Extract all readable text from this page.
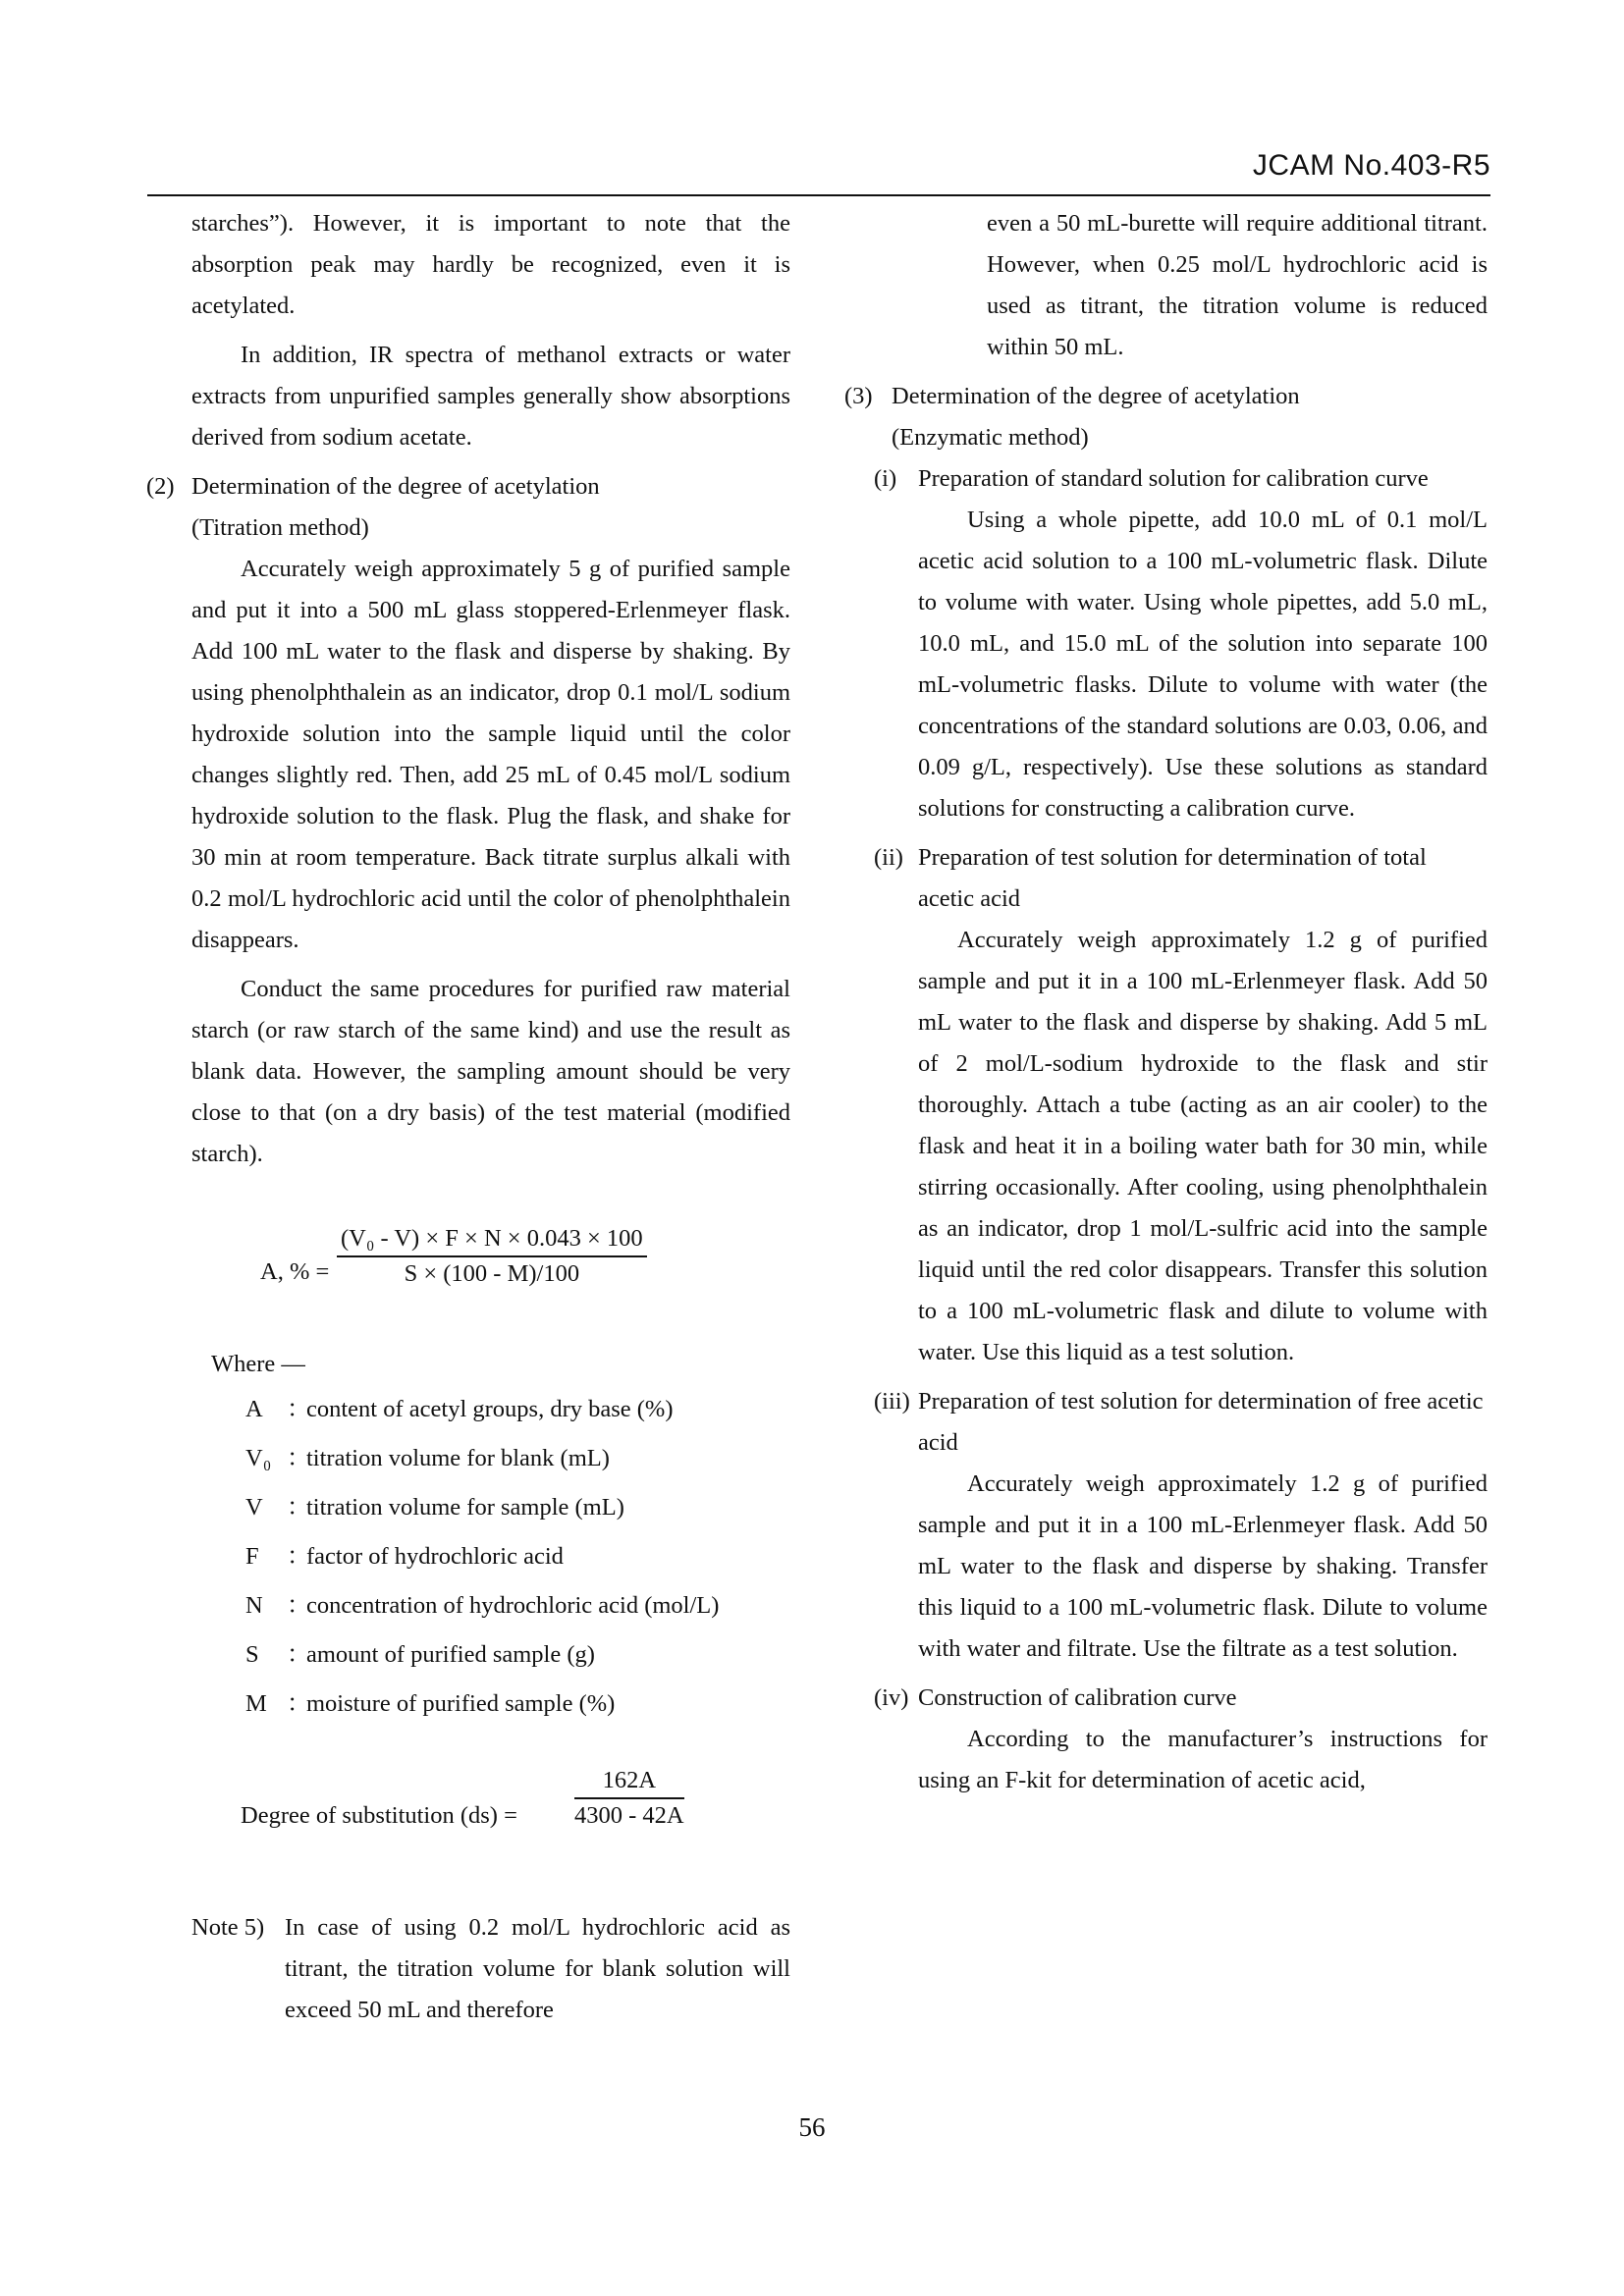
JCAM No.403-R5

starches”). However, it is important to note that the absorption peak may hardly be recognized, even it is acetylated.

In addition, IR spectra of methanol extracts or water extracts from unpurified samples generally show absorptions derived from sodium acetate.

(2) Determination of the degree of acetylation
(Titration method)

Accurately weigh approximately 5 g of purified sample and put it into a 500 mL glass stoppered-Erlenmeyer flask. Add 100 mL water to the flask and disperse by shaking. By using phenolphthalein as an indicator, drop 0.1 mol/L sodium hydroxide solution into the sample liquid until the color changes slightly red. Then, add 25 mL of 0.45 mol/L sodium hydroxide solution to the flask. Plug the flask, and shake for 30 min at room temperature. Back titrate surplus alkali with 0.2 mol/L hydrochloric acid until the color of phenolphthalein disappears.

Conduct the same procedures for purified raw material starch (or raw starch of the same kind) and use the result as blank data. However, the sampling amount should be very close to that (on a dry basis) of the test material (modified starch).

A, % =
(V₀ - V) × F × N × 0.043 × 100
S × (100 - M)/100
Where —
A ：
content of acetyl groups, dry base (%)
V₀ ：
titration volume for blank (mL)
V ：
titration volume for sample (mL)
F	：
factor of hydrochloric acid
N ：
concentration of hydrochloric acid (mol/L)
S	：
amount of purified sample (g)
M ：
moisture of purified sample (%)
Degree of substitution (ds) =
162A
4300 - 42A
Note 5) In case of using 0.2 mol/L hydrochloric acid as titrant, the titration volume for blank solution will exceed 50 mL and therefore

even a 50 mL-burette will require additional titrant. However, when 0.25 mol/L hydrochloric acid is used as titrant, the titration volume is reduced within 50 mL.

(3) Determination of the degree of acetylation
(Enzymatic method)
(i) Preparation of standard solution for calibration curve

Using a whole pipette, add 10.0 mL of 0.1 mol/L acetic acid solution to a 100 mL-volumetric flask. Dilute to volume with water. Using whole pipettes, add 5.0 mL, 10.0 mL, and 15.0 mL of the solution into separate 100 mL-volumetric flasks. Dilute to volume with water (the concentrations of the standard solutions are 0.03, 0.06, and 0.09 g/L, respectively). Use these solutions as standard solutions for constructing a calibration curve.

(ii) Preparation of test solution for determination of total acetic acid

Accurately weigh approximately 1.2 g of purified sample and put it in a 100 mL-Erlenmeyer flask. Add 50 mL water to the flask and disperse by shaking. Add 5 mL of 2 mol/L-sodium hydroxide to the flask and stir thoroughly. Attach a tube (acting as an air cooler) to the flask and heat it in a boiling water bath for 30 min, while stirring occasionally. After cooling, using phenolphthalein as an indicator, drop 1 mol/L-sulfric acid into the sample liquid until the red color disappears. Transfer this solution to a 100 mL-volumetric flask and dilute to volume with water. Use this liquid as a test solution.

(iii) Preparation of test solution for determination of free acetic acid

Accurately weigh approximately 1.2 g of purified sample and put it in a 100 mL-Erlenmeyer flask. Add 50 mL water to the flask and disperse by shaking. Transfer this liquid to a 100 mL-volumetric flask. Dilute to volume with water and filtrate. Use the filtrate as a test solution.

(iv) Construction of calibration curve

According to the manufacturer’s instructions for using an F-kit for determination of acetic acid,

56
